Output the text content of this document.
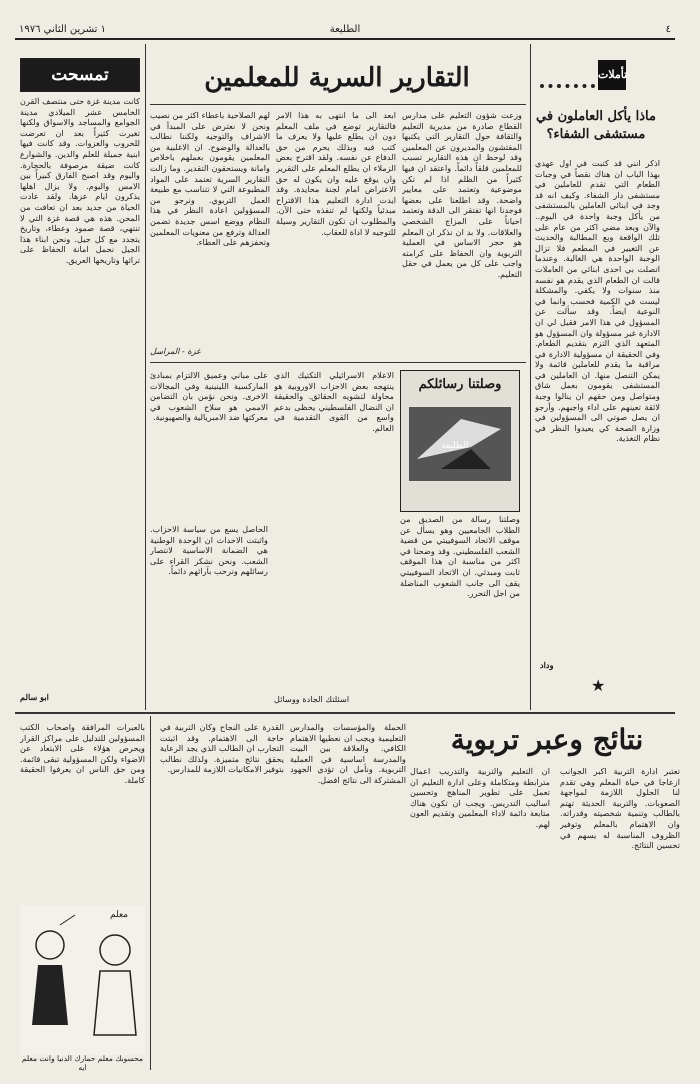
٤
الطليعة
١ تشرين الثاني ١٩٧٦
تأملات
ماذا يأكل العاملون في مستشفى الشفاء؟
اذكر انني قد كتبت في اول عهدي بهذا الباب ان هناك نقصاً في وجبات الطعام التي تقدم للعاملين في مستشفى دار الشفاء. وكيف انه قد وجد في ابنائي العاملين بالمستشفى من يأكل وجبة واحدة في اليوم.. والآن وبعد مضي اكثر من عام على تلك الواقعة وبع المطالبة والحديث عن التغيير في المطعم فلا تزال الوجبة الواحدة هي الغالبة. وعندما اتصلت بي احدى ابنائي من العاملات قالت ان الطعام الذي يقدم هو نفسه منذ سنوات ولا يكفي. والمشكلة ليست في الكمية فحسب وانما في النوعية ايضاً. وقد سألت عن المسؤول في هذا الامر فقيل لي ان الادارة غير مسؤولة وان المسؤول هو المتعهد الذي التزم بتقديم الطعام. وفي الحقيقة ان مسؤولية الادارة في مراقبة ما يقدم للعاملين قائمة ولا يمكن التنصل منها. ان العاملين في المستشفى يقومون بعمل شاق ومتواصل ومن حقهم ان ينالوا وجبة لائقة تعينهم على اداء واجبهم. وأرجو ان يصل صوتي الى المسؤولين في وزارة الصحة كي يعيدوا النظر في نظام التغذية.
وداد
★
التقارير السرية للمعلمين
وزعت شؤون التعليم على مدارس القطاع صادرة من مديرية التعليم والثقافة حول التقارير التي يكتبها المفتشون والمديرون عن المعلمين وقد لوحظ ان هذه التقارير تسبب للمعلمين قلقاً دائماً. واعتقد ان فيها كثيراً من الظلم اذا لم تكن موضوعية وتعتمد على معايير واضحة. وقد اطلعنا على بعضها فوجدنا انها تفتقر الى الدقة وتعتمد احياناً على المزاج الشخصي والعلاقات. ولا بد ان نذكر ان المعلم هو حجر الاساس في العملية التربوية وان الحفاظ على كرامته واجب على كل من يعمل في حقل التعليم.
ابعد الى ما انتهى به هذا الامر فالتقارير توضع في ملف المعلم دون ان يطلع عليها ولا يعرف ما كتب فيه وبذلك يحرم من حق الدفاع عن نفسه. ولقد اقترح بعض الزملاء ان يطلع المعلم على التقرير وان يوقع عليه وان يكون له حق الاعتراض امام لجنة محايدة. وقد ايدت ادارة التعليم هذا الاقتراح مبدئياً ولكنها لم تنفذه حتى الآن. والمطلوب ان تكون التقارير وسيلة للتوجيه لا اداة للعقاب.
لهم الصلاحية باعطاء اكثر من نصيب ونحن لا نعترض على المبدأ في الاشراف والتوجيه ولكننا نطالب بالعدالة والوضوح. ان الاغلبية من المعلمين يقومون بعملهم باخلاص وامانة ويستحقون التقدير. وما زالت التقارير السرية تعتمد على المواد المطبوعة التي لا تتناسب مع طبيعة العمل التربوي. ونرجو من المسؤولين اعادة النظر في هذا النظام ووضع اسس جديدة تضمن العدالة وترفع من معنويات المعلمين وتحفزهم على العطاء.
غزة - المراسل
وصلتنا رسائلكم
الطليعة
وصلتنا رسالة من الصديق من الطلاب الجامعيين وهو يسأل عن موقف الاتحاد السوفييتي من قضية الشعب الفلسطيني. وقد وضحنا في اكثر من مناسبة ان هذا الموقف ثابت ومبدئي. ان الاتحاد السوفييتي يقف الى جانب الشعوب المناضلة من اجل التحرر.
الاعلام الاسرائيلي التكتيك الذي ينتهجه بعض الاحزاب الاوروبية هو محاولة لتشويه الحقائق. والحقيقة ان النضال الفلسطيني يحظى بدعم واسع من القوى التقدمية في العالم.
على مباني وعميق الالتزام بمبادئ الماركسية اللينينية وفي المجالات الاخرى. ونحن نؤمن بان التضامن الاممي هو سلاح الشعوب في معركتها ضد الامبريالية والصهيونية.
الحاصل يسع من سياسة الاحزاب. واثبتت الاحداث ان الوحدة الوطنية هي الضمانة الاساسية لانتصار الشعب. ونحن نشكر القراء على رسائلهم ونرحب بآرائهم دائماً.
اسئلتك الجادة ووسائل
تمسحت
كانت مدينة غزة حتى منتصف القرن الخامس عشر الميلادي مدينة الجوامع والمساجد والاسواق ولكنها تغيرت كثيراً بعد ان تعرضت للحروب والغزوات. وقد كانت فيها ابنية جميلة للعلم والدين. والشوارع كانت ضيقة مرصوفة بالحجارة. واليوم وقد اصبح الفارق كبيراً بين الامس واليوم. ولا يزال اهلها يذكرون ايام عزها. ولقد عادت الحياة من جديد بعد ان تعافت من المحن. هذه هي قصة غزة التي لا تنتهي، قصة صمود وعطاء، وتاريخ يتجدد مع كل جيل. ونحن ابناء هذا الجيل نحمل امانة الحفاظ على تراثها وتاريخها العريق.
ابو سالم
نتائج وعبر تربوية
تعتبر ادارة التربية اكبر الجوانب ازعاجا في حياة المعلم وهي تقدم لنا الحلول اللازمة لمواجهة الصعوبات. والتربية الحديثة تهتم بالطالب وتنمية شخصيته وقدراته. وان الاهتمام بالمعلم وتوفير الظروف المناسبة له يسهم في تحسين النتائج.
ان التعليم والتربية والتدريب اعمال مترابطة ومتكاملة وعلى ادارة التعليم ان تعمل على تطوير المناهج وتحسين اساليب التدريس. ويجب ان تكون هناك متابعة دائمة لاداء المعلمين وتقديم العون لهم.
الحملة والمؤسسات والمدارس التعليمية ويجب ان نعطيها الاهتمام الكافي. والعلاقة بين البيت والمدرسة اساسية في العملية التربوية. ونأمل ان تؤدي الجهود المشتركة الى نتائج افضل.
القدرة على النجاح وكان التربية في حاجة الى الاهتمام. وقد اثبتت التجارب ان الطالب الذي يجد الرعاية يحقق نتائج متميزة. ولذلك نطالب بتوفير الامكانيات اللازمة للمدارس.
بالعبرات المرافقة واصحاب الكتب المسؤولين للتدليل على مراكز القرار ويحرص هؤلاء على الابتعاد عن الاضواء ولكن المسؤولية تبقى قائمة. ومن حق الناس ان يعرفوا الحقيقة كاملة.
معلم
محسوبك معلم حمارك الدنيا وانت معلم ايه
